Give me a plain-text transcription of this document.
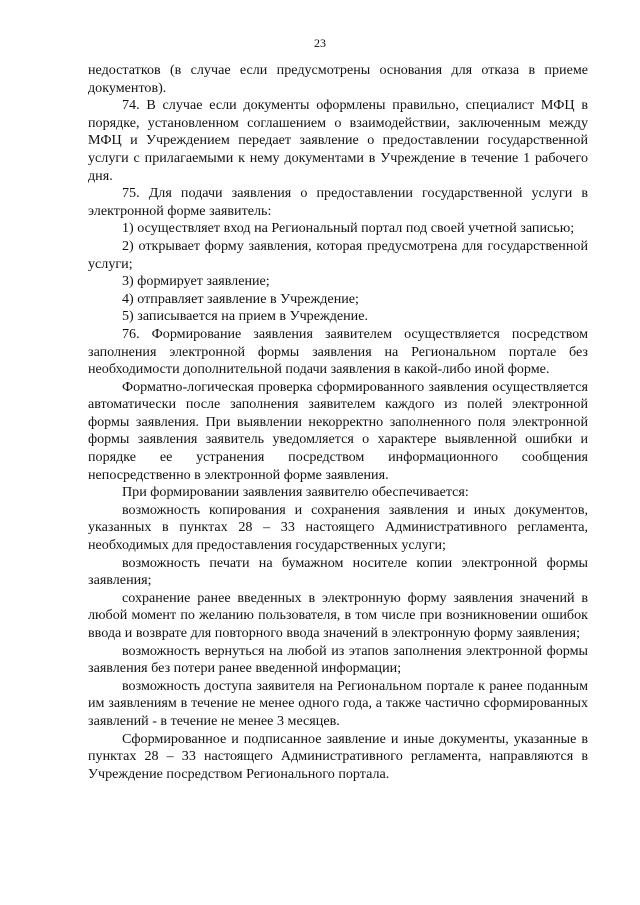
23

недостатков (в случае если предусмотрены основания для отказа в приеме документов).

74. В случае если документы оформлены правильно, специалист МФЦ в порядке, установленном соглашением о взаимодействии, заключенным между МФЦ и Учреждением передает заявление о предоставлении государственной услуги с прилагаемыми к нему документами в Учреждение в течение 1 рабочего дня.

75. Для подачи заявления о предоставлении государственной услуги в электронной форме заявитель:

1) осуществляет вход на Региональный портал под своей учетной записью;

2) открывает форму заявления, которая предусмотрена для государственной услуги;

3) формирует заявление;

4) отправляет заявление в Учреждение;

5) записывается на прием в Учреждение.

76. Формирование заявления заявителем осуществляется посредством заполнения электронной формы заявления на Региональном портале без необходимости дополнительной подачи заявления в какой-либо иной форме.

Форматно-логическая проверка сформированного заявления осуществляется автоматически после заполнения заявителем каждого из полей электронной формы заявления. При выявлении некорректно заполненного поля электронной формы заявления заявитель уведомляется о характере выявленной ошибки и порядке ее устранения посредством информационного сообщения непосредственно в электронной форме заявления.

При формировании заявления заявителю обеспечивается:

возможность копирования и сохранения заявления и иных документов, указанных в пунктах 28 – 33 настоящего Административного регламента, необходимых для предоставления государственных услуги;

возможность печати на бумажном носителе копии электронной формы заявления;

сохранение ранее введенных в электронную форму заявления значений в любой момент по желанию пользователя, в том числе при возникновении ошибок ввода и возврате для повторного ввода значений в электронную форму заявления;

возможность вернуться на любой из этапов заполнения электронной формы заявления без потери ранее введенной информации;

возможность доступа заявителя на Региональном портале к ранее поданным им заявлениям в течение не менее одного года, а также частично сформированных заявлений - в течение не менее 3 месяцев.

Сформированное и подписанное заявление и иные документы, указанные в пунктах 28 – 33 настоящего Административного регламента, направляются в Учреждение посредством Регионального портала.
